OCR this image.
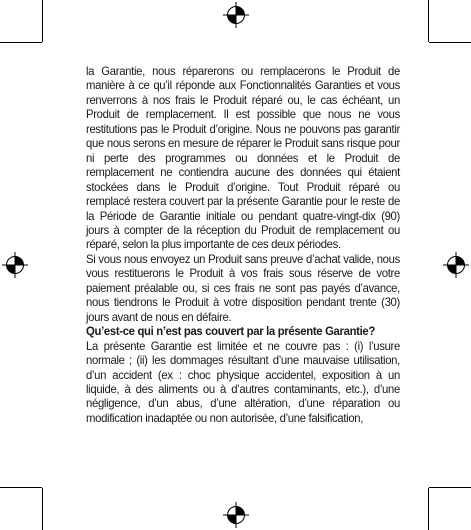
la Garantie, nous réparerons ou remplacerons le Produit de manière à ce qu’il réponde aux Fonctionnalités Garanties et vous renverrons à nos frais le Produit réparé ou, le cas échéant, un Produit de remplacement. Il est possible que nous ne vous restitutions pas le Produit d’origine. Nous ne pouvons pas garantir que nous serons en mesure de réparer le Produit sans risque pour ni perte des programmes ou données et le Produit de remplacement ne contiendra aucune des données qui étaient stockées dans le Produit d’origine. Tout Produit réparé ou remplacé restera couvert par la présente Garantie pour le reste de la Période de Garantie initiale ou pendant quatre-vingt-dix (90) jours à compter de la réception du Produit de remplacement ou réparé, selon la plus importante de ces deux périodes.

Si vous nous envoyez un Produit sans preuve d’achat valide, nous vous restituerons le Produit à vos frais sous réserve de votre paiement préalable ou, si ces frais ne sont pas payés d’avance, nous tiendrons le Produit à votre disposition pendant trente (30) jours avant de nous en défaire.

Qu’est-ce qui n’est pas couvert par la présente Garantie?

La présente Garantie est limitée et ne couvre pas : (i) l’usure normale ; (ii) les dommages résultant d’une mauvaise utilisation, d’un accident (ex : choc physique accidentel, exposition à un liquide, à des aliments ou à d’autres contaminants, etc.), d’une négligence, d’un abus, d’une altération, d’une réparation ou modification inadaptée ou non autorisée, d’une falsification,
